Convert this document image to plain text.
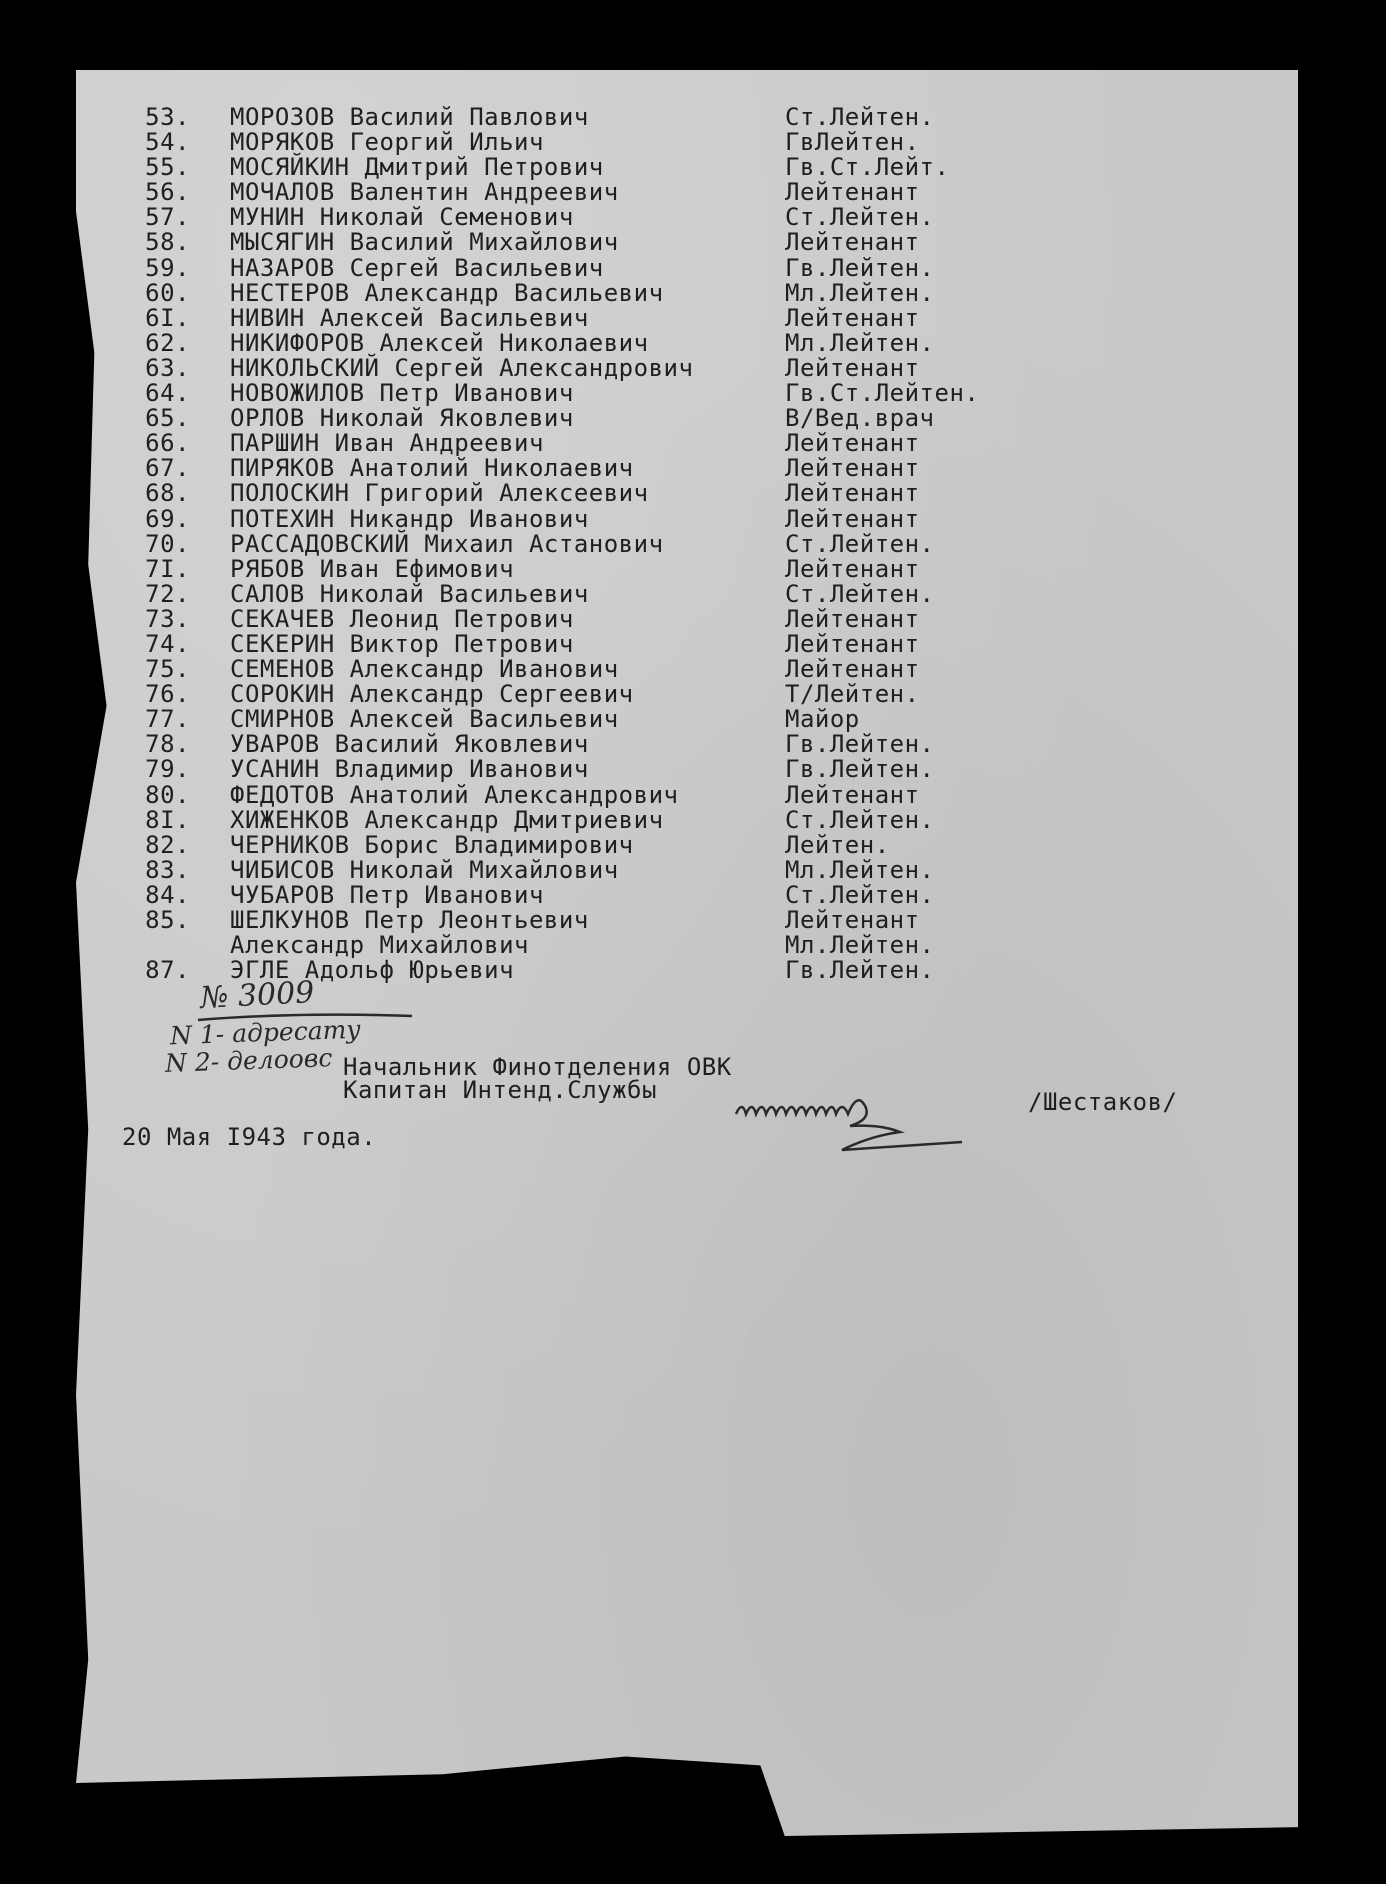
53. МОРОЗОВ Василий Павлович	Ст.Лейтен.
54. МОРЯКОВ Георгий Ильич	ГвЛейтен.
55. МОСЯЙКИН Дмитрий Петрович	Гв.Ст.Лейт.
56. МОЧАЛОВ Валентин Андреевич	Лейтенант
57. МУНИН Николай Семенович	Ст.Лейтен.
58. МЫСЯГИН Василий Михайлович	Лейтенант
59. НАЗАРОВ Сергей Васильевич	Гв.Лейтен.
60. НЕСТЕРОВ Александр Васильевич	Мл.Лейтен.
6I. НИВИН Алексей Васильевич	Лейтенант
62. НИКИФОРОВ Алексей Николаевич	Мл.Лейтен.
63. НИКОЛЬСКИЙ Сергей Александрович	Лейтенант
64. НОВОЖИЛОВ Петр Иванович	Гв.Ст.Лейтен.
65. ОРЛОВ Николай Яковлевич	В/Вед.врач
66. ПАРШИН Иван Андреевич	Лейтенант
67. ПИРЯКОВ Анатолий Николаевич	Лейтенант
68. ПОЛОСКИН Григорий Алексеевич	Лейтенант
69. ПОТЕХИН Никандр Иванович	Лейтенант
70. РАССАДОВСКИЙ Михаил Астанович	Ст.Лейтен.
7I. РЯБОВ Иван Ефимович	Лейтенант
72. САЛОВ Николай Васильевич	Ст.Лейтен.
73. СЕКАЧЕВ Леонид Петрович	Лейтенант
74. СЕКЕРИН Виктор Петрович	Лейтенант
75. СЕМЕНОВ Александр Иванович	Лейтенант
76. СОРОКИН Александр Сергеевич	Т/Лейтен.
77. СМИРНОВ Алексей Васильевич	Майор
78. УВАРОВ Василий Яковлевич	Гв.Лейтен.
79. УСАНИН Владимир Иванович	Гв.Лейтен.
80. ФЕДОТОВ Анатолий Александрович	Лейтенант
8I. ХИЖЕНКОВ Александр Дмитриевич	Ст.Лейтен.
82. ЧЕРНИКОВ Борис Владимирович	Лейтен.
83. ЧИБИСОВ Николай Михайлович	Мл.Лейтен.
84. ЧУБАРОВ Петр Иванович	Ст.Лейтен.
85. ШЕЛКУНОВ Петр Леонтьевич	Лейтенант
Александр Михайлович	Мл.Лейтен.
87. ЭГЛЕ Адольф Юрьевич	Гв.Лейтен.
№ 3009
N 1- адресату
N 2- делоовс Начальник Финотделения ОВК
Капитан Интенд.Службы	/Шестаков/
20 Мая I943 года.
